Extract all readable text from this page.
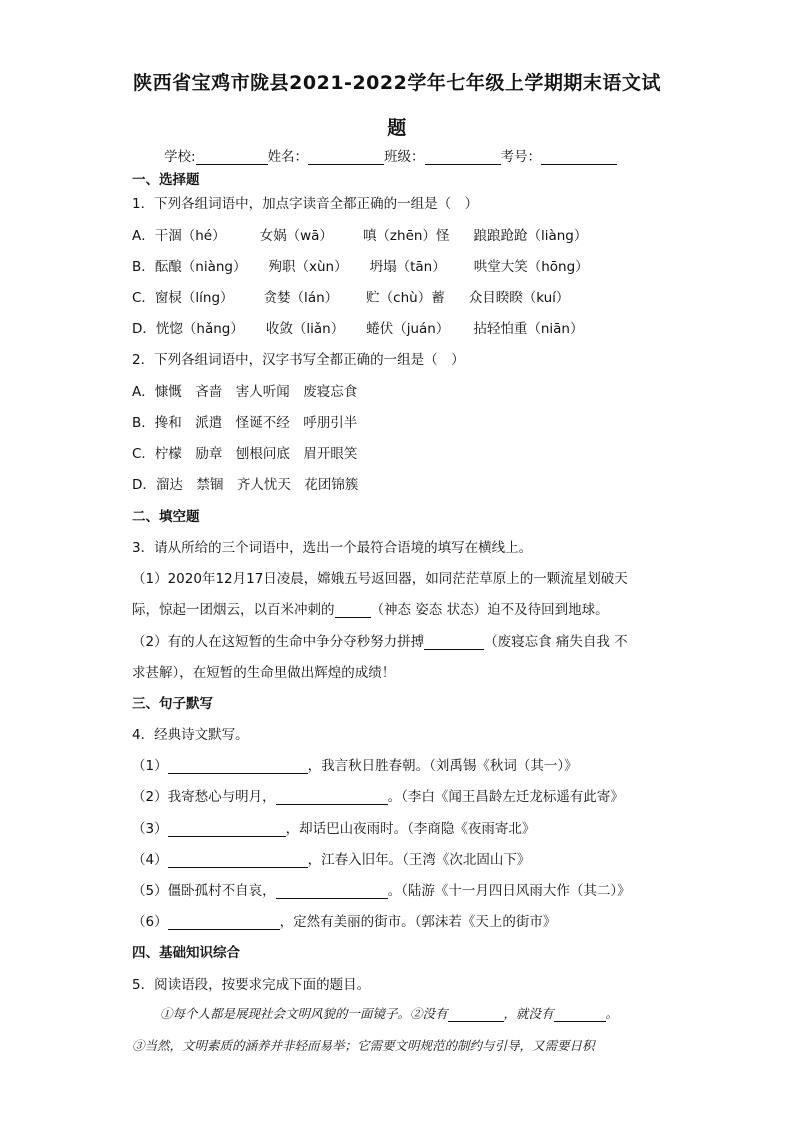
陕西省宝鸡市陇县2021-2022学年七年级上学期期末语文试
题
学校:	姓名：	班级：	考号：
一、选择题
1．下列各组词语中，加点字读音全都正确的一组是（　）
A．干涸（hé）	女娲（wā） 嗔（zhēn）怪 踉踉跄跄（liàng）
B．酝酿（niàng） 殉职（xùn） 坍塌（tān） 哄堂大笑（hōng）
C．窗棂（líng） 贪婪（lán） 贮（chù）蓄 众目睽睽（kuí）
D．恍惚（hǎng） 收敛（liǎn） 蜷伏（juán） 拈轻怕重（niān）
2．下列各组词语中，汉字书写全都正确的一组是（　）
A．慷慨　吝啬　害人听闻　废寝忘食
B．搀和　派遣　怪诞不经　呼朋引半
C．柠檬　励章　刨根问底　眉开眼笑
D．溜达　禁锢　齐人忧天　花团锦簇
二、填空题
3．请从所给的三个词语中，选出一个最符合语境的填写在横线上。
（1）2020年12月17日凌晨，嫦娥五号返回器，如同茫茫草原上的一颗流星划破天
际，惊起一团烟云，以百米冲刺的	（神态 姿态 状态）迫不及待回到地球。
（2）有的人在这短暂的生命中争分夺秒努力拼搏	（废寝忘食 痛失自我 不
求甚解），在短暂的生命里做出辉煌的成绩！
三、句子默写
4．经典诗文默写。
（1）	，我言秋日胜春朝。（刘禹锡《秋词（其一）》
（2）我寄愁心与明月，	。（李白《闻王昌龄左迁龙标遥有此寄》
（3）	，却话巴山夜雨时。（李商隐《夜雨寄北》
（4）	，江春入旧年。（王湾《次北固山下》
（5）僵卧孤村不自哀，	。（陆游《十一月四日风雨大作（其二）》
（6）	，定然有美丽的街市。（郭沫若《天上的街市》
四、基础知识综合
5．阅读语段，按要求完成下面的题目。
①每个人都是展现社会文明风貌的一面镜子。②没有	，就没有	。
③当然，文明素质的涵养并非轻而易举；它需要文明规范的制约与引导，又需要日积
